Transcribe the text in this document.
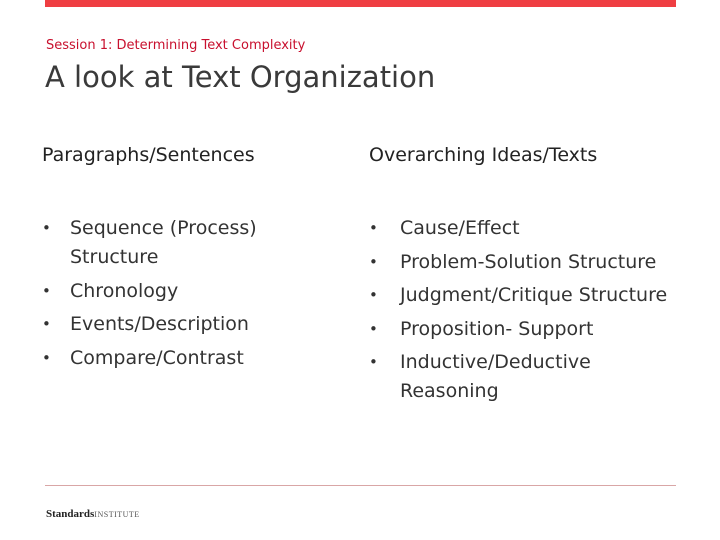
Session 1: Determining Text Complexity
A look at Text Organization
Paragraphs/Sentences	Overarching Ideas/Texts
• Sequence (Process) Structure
• Chronology
• Events/Description
• Compare/Contrast
• Cause/Effect
• Problem-Solution Structure
• Judgment/Critique Structure
• Proposition- Support
• Inductive/Deductive Reasoning
StandardsINSTITUTE
